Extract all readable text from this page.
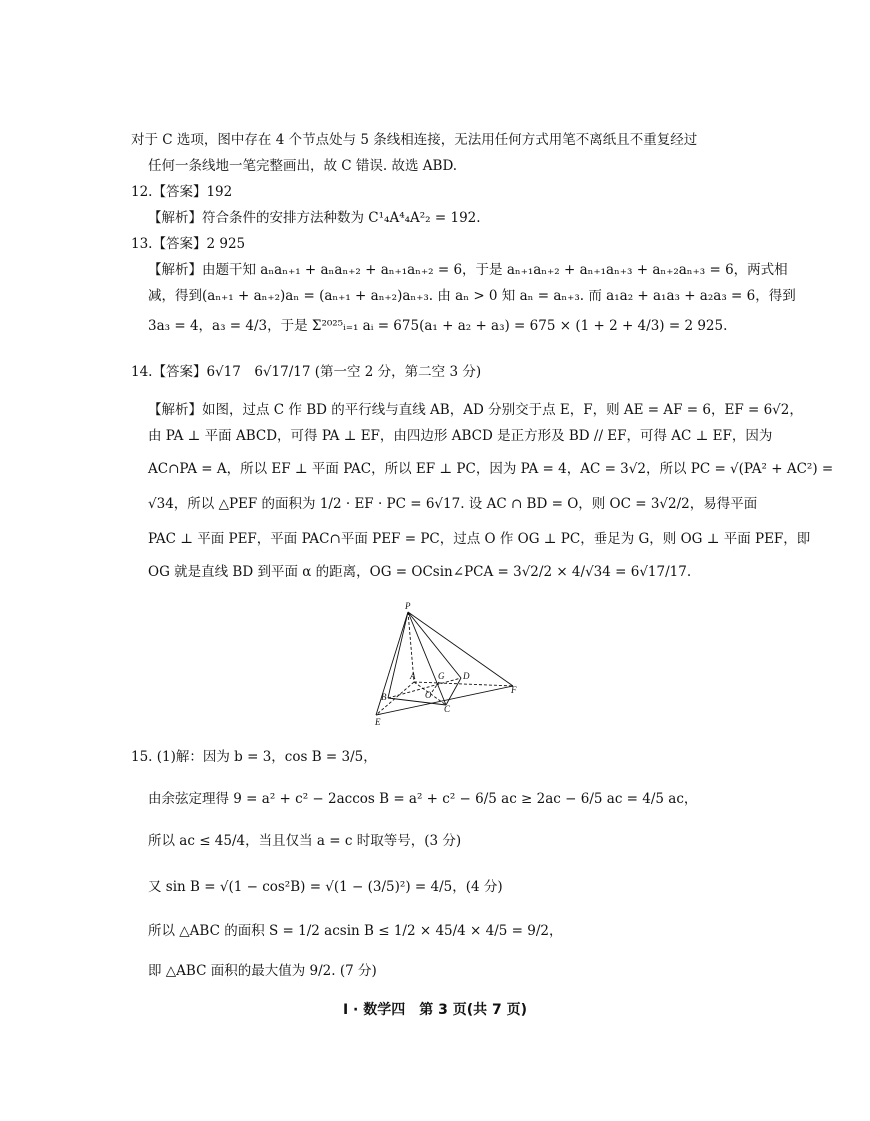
对于 C 选项，图中存在 4 个节点处与 5 条线相连接，无法用任何方式用笔不离纸且不重复经过
任何一条线地一笔完整画出，故 C 错误. 故选 ABD.
12.【答案】192
【解析】符合条件的安排方法种数为 C¹₄A⁴₄A²₂ = 192.
13.【答案】2 925
【解析】由题干知 aₙaₙ₊₁ + aₙaₙ₊₂ + aₙ₊₁aₙ₊₂ = 6，于是 aₙ₊₁aₙ₊₂ + aₙ₊₁aₙ₊₃ + aₙ₊₂aₙ₊₃ = 6，两式相
减，得到(aₙ₊₁ + aₙ₊₂)aₙ = (aₙ₊₁ + aₙ₊₂)aₙ₊₃. 由 aₙ > 0 知 aₙ = aₙ₊₃. 而 a₁a₂ + a₁a₃ + a₂a₃ = 6，得到
3a₃ = 4，a₃ = 4/3，于是 Σ²⁰²⁵ᵢ₌₁ aᵢ = 675(a₁ + a₂ + a₃) = 675 × (1 + 2 + 4/3) = 2 925.
14.【答案】6√17　6√17/17 (第一空 2 分，第二空 3 分)
【解析】如图，过点 C 作 BD 的平行线与直线 AB，AD 分别交于点 E，F，则 AE = AF = 6，EF = 6√2，
由 PA ⊥ 平面 ABCD，可得 PA ⊥ EF，由四边形 ABCD 是正方形及 BD // EF，可得 AC ⊥ EF，因为
AC∩PA = A，所以 EF ⊥ 平面 PAC，所以 EF ⊥ PC，因为 PA = 4，AC = 3√2，所以 PC = √(PA² + AC²) =
√34，所以 △PEF 的面积为 1/2 · EF · PC = 6√17. 设 AC ∩ BD = O，则 OC = 3√2/2，易得平面
PAC ⊥ 平面 PEF，平面 PAC∩平面 PEF = PC，过点 O 作 OG ⊥ PC，垂足为 G，则 OG ⊥ 平面 PEF，即
OG 就是直线 BD 到平面 α 的距离，OG = OCsin∠PCA = 3√2/2 × 4/√34 = 6√17/17.
P
A	G D
B	O
C
F
E
15. (1)解：因为 b = 3，cos B = 3/5，
由余弦定理得 9 = a² + c² − 2accos B = a² + c² − 6/5 ac ≥ 2ac − 6/5 ac = 4/5 ac，
所以 ac ≤ 45/4，当且仅当 a = c 时取等号，(3 分)
又 sin B = √(1 − cos²B) = √(1 − (3/5)²) = 4/5，(4 分)
所以 △ABC 的面积 S = 1/2 acsin B ≤ 1/2 × 45/4 × 4/5 = 9/2，
即 △ABC 面积的最大值为 9/2. (7 分)
Ⅰ · 数学四　第 3 页(共 7 页)
